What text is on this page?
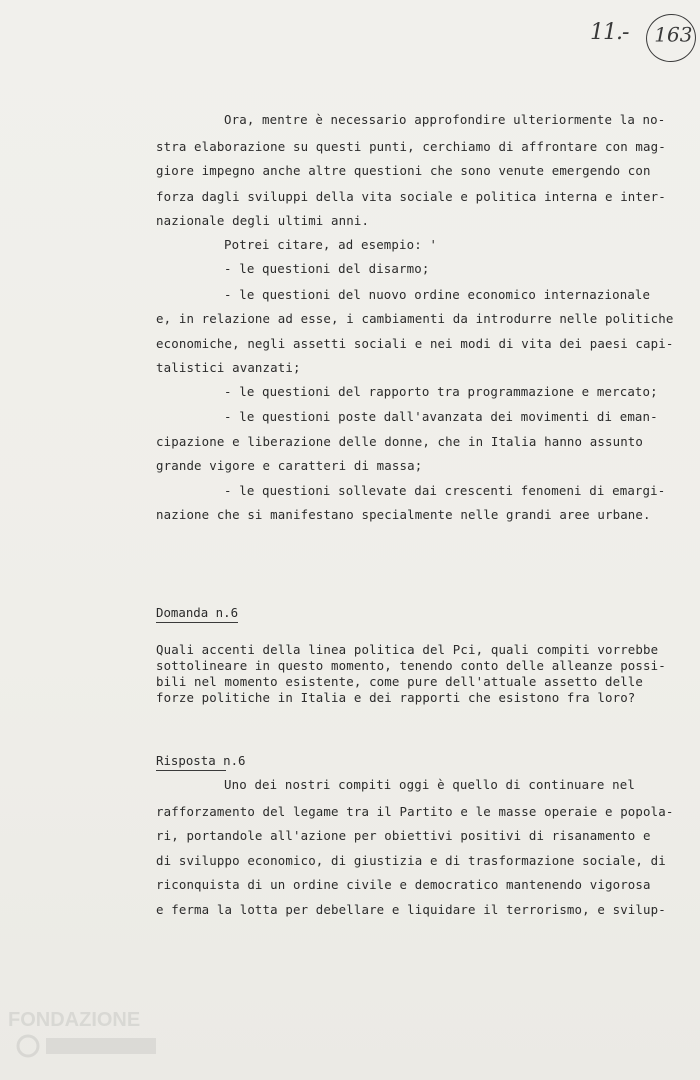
11.- 163
Ora, mentre è necessario approfondire ulteriormente la no-
stra elaborazione su questi punti, cerchiamo di affrontare con mag-
giore impegno anche altre questioni che sono venute emergendo con
forza dagli sviluppi della vita sociale e politica interna e inter-
nazionale degli ultimi anni.
Potrei citare, ad esempio: '
- le questioni del disarmo;
- le questioni del nuovo ordine economico internazionale
e, in relazione ad esse, i cambiamenti da introdurre nelle politiche
economiche, negli assetti sociali e nei modi di vita dei paesi capi-
talistici avanzati;
- le questioni del rapporto tra programmazione e mercato;
- le questioni poste dall'avanzata dei movimenti di eman-
cipazione e liberazione delle donne, che in Italia hanno assunto
grande vigore e caratteri di massa;
- le questioni sollevate dai crescenti fenomeni di emargi-
nazione che si manifestano specialmente nelle grandi aree urbane.
Domanda n.6
Quali accenti della linea politica del Pci, quali compiti vorrebbe
sottolineare in questo momento, tenendo conto delle alleanze possi-
bili nel momento esistente, come pure dell'attuale assetto delle
forze politiche in Italia e dei rapporti che esistono fra loro?
Risposta n.6
Uno dei nostri compiti oggi è quello di continuare nel
rafforzamento del legame tra il Partito e le masse operaie e popola-
ri, portandole all'azione per obiettivi positivi di risanamento e
di sviluppo economico, di giustizia e di trasformazione sociale, di
riconquista di un ordine civile e democratico mantenendo vigorosa
e ferma la lotta per debellare e liquidare il terrorismo, e svilup-
FONDAZIONE
